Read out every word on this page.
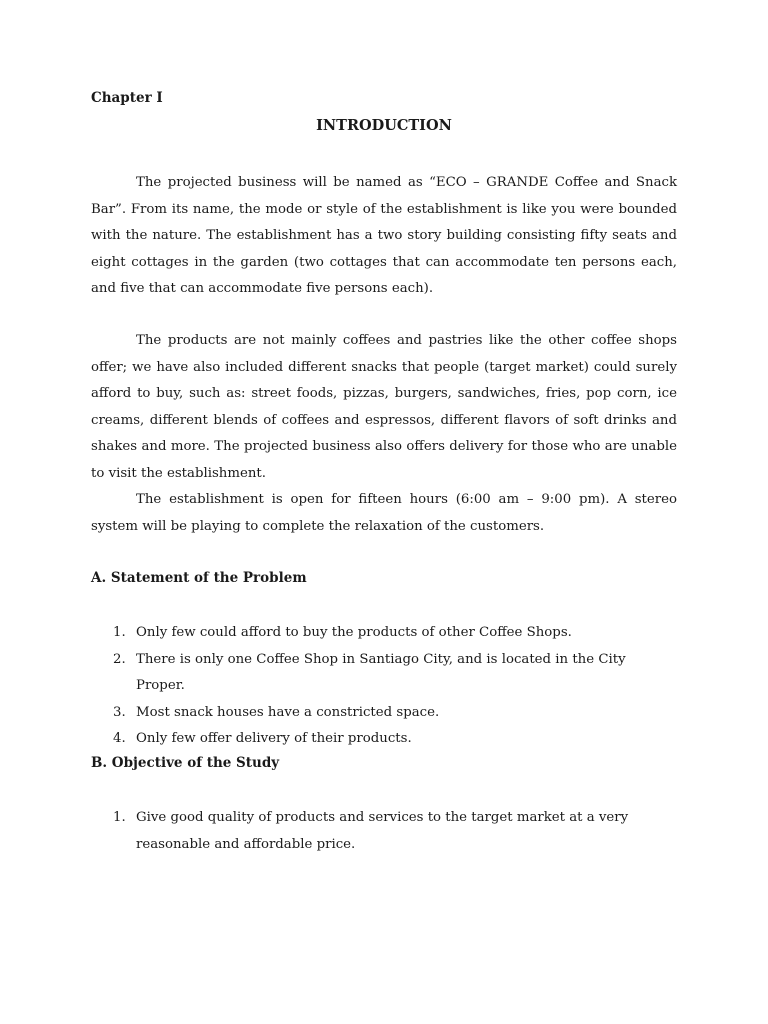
Chapter I

INTRODUCTION

The projected business will be named as “ECO – GRANDE Coffee and Snack Bar”. From its name, the mode or style of the establishment is like you were bounded with the nature. The establishment has a two story building consisting fifty seats and eight cottages in the garden (two cottages that can accommodate ten persons each, and five that can accommodate five persons each).

The products are not mainly coffees and pastries like the other coffee shops offer; we have also included different snacks that people (target market) could surely afford to buy, such as: street foods, pizzas, burgers, sandwiches, fries, pop corn, ice creams, different blends of coffees and espressos, different flavors of soft drinks and shakes and more. The projected business also offers delivery for those who are unable to visit the establishment.

The establishment is open for fifteen hours (6:00 am – 9:00 pm). A stereo system will be playing to complete the relaxation of the customers.

A. Statement of the Problem
1. Only few could afford to buy the products of other Coffee Shops.
2. There is only one Coffee Shop in Santiago City, and is located in the City Proper.
3. Most snack houses have a constricted space.
4. Only few offer delivery of their products.
B. Objective of the Study
1. Give good quality of products and services to the target market at a very reasonable and affordable price.
